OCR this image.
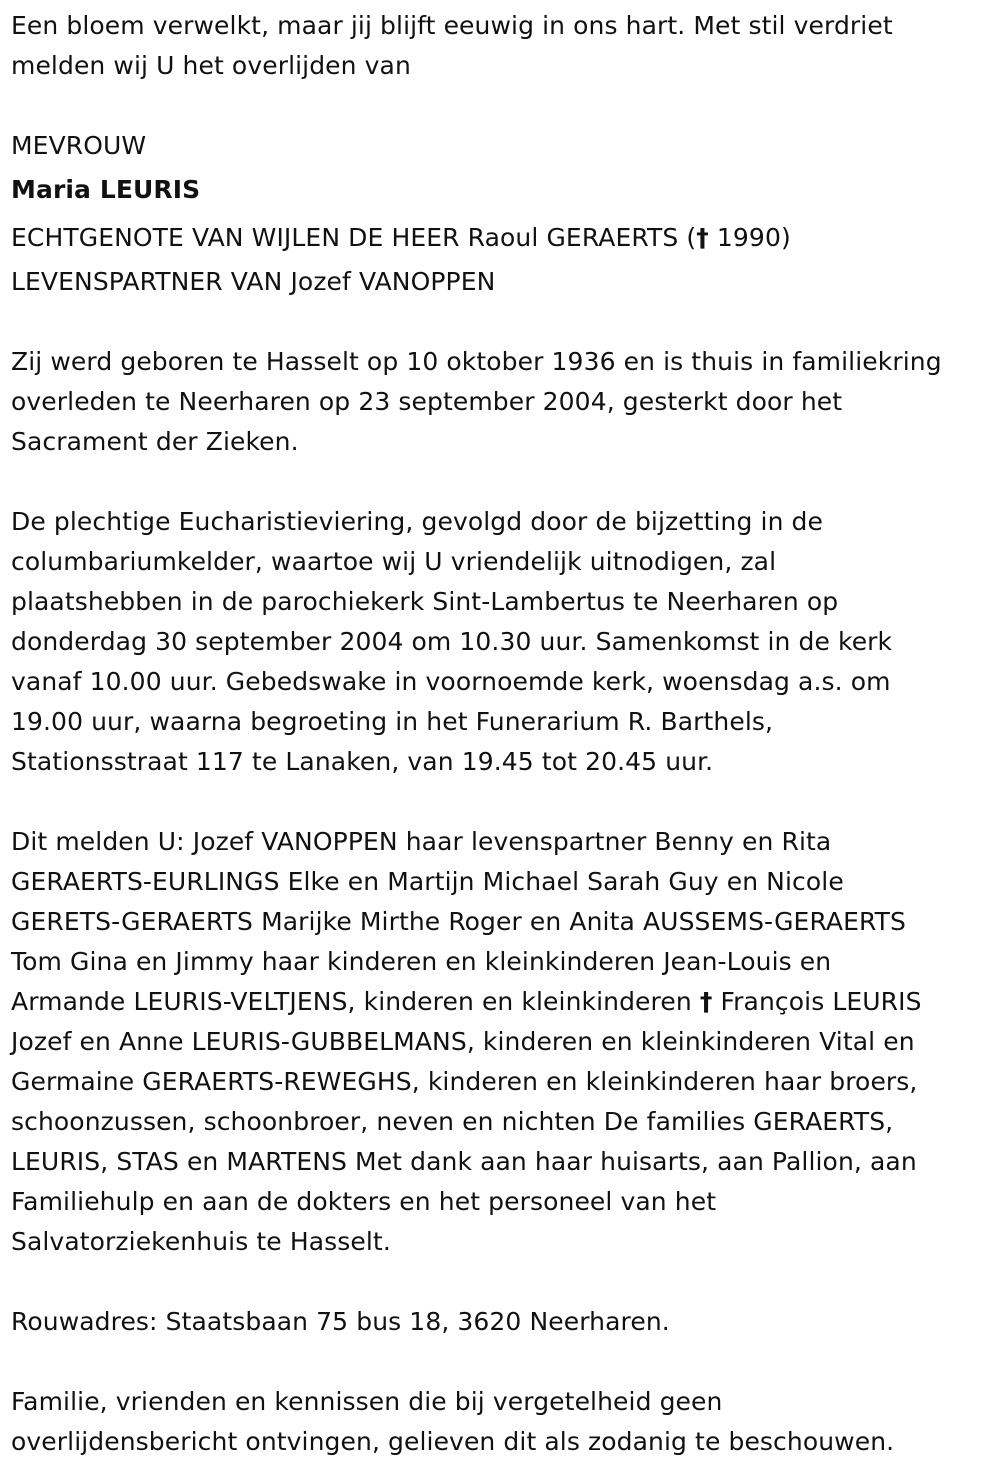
Een bloem verwelkt, maar jij blijft eeuwig in ons hart. Met stil verdriet

melden wij U het overlijden van

MEVROUW

Maria LEURIS

ECHTGENOTE VAN WIJLEN DE HEER Raoul GERAERTS († 1990)

LEVENSPARTNER VAN Jozef VANOPPEN

Zij werd geboren te Hasselt op 10 oktober 1936 en is thuis in familiekring

overleden te Neerharen op 23 september 2004, gesterkt door het

Sacrament der Zieken.

De plechtige Eucharistieviering, gevolgd door de bijzetting in de

columbariumkelder, waartoe wij U vriendelijk uitnodigen, zal

plaatshebben in de parochiekerk Sint-Lambertus te Neerharen op

donderdag 30 september 2004 om 10.30 uur. Samenkomst in de kerk

vanaf 10.00 uur. Gebedswake in voornoemde kerk, woensdag a.s. om

19.00 uur, waarna begroeting in het Funerarium R. Barthels,

Stationsstraat 117 te Lanaken, van 19.45 tot 20.45 uur.

Dit melden U: Jozef VANOPPEN haar levenspartner Benny en Rita

GERAERTS-EURLINGS Elke en Martijn Michael Sarah Guy en Nicole

GERETS-GERAERTS Marijke Mirthe Roger en Anita AUSSEMS-GERAERTS

Tom Gina en Jimmy haar kinderen en kleinkinderen Jean-Louis en

Armande LEURIS-VELTJENS, kinderen en kleinkinderen † François LEURIS

Jozef en Anne LEURIS-GUBBELMANS, kinderen en kleinkinderen Vital en

Germaine GERAERTS-REWEGHS, kinderen en kleinkinderen haar broers,

schoonzussen, schoonbroer, neven en nichten De families GERAERTS,

LEURIS, STAS en MARTENS Met dank aan haar huisarts, aan Pallion, aan

Familiehulp en aan de dokters en het personeel van het

Salvatorziekenhuis te Hasselt.

Rouwadres: Staatsbaan 75 bus 18, 3620 Neerharen.

Familie, vrienden en kennissen die bij vergetelheid geen

overlijdensbericht ontvingen, gelieven dit als zodanig te beschouwen.
